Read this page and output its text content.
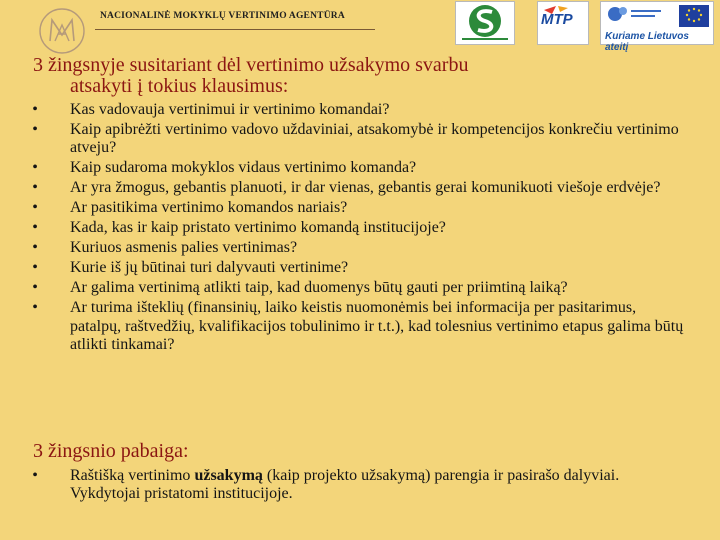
NACIONALINĖ MOKYKLŲ VERTINIMO AGENTŪRA	MTP
Kuriame Lietuvos ateitį
3 žingsnyje susitariant dėl vertinimo užsakymo svarbu
atsakyti į tokius klausimus:
• Kas vadovauja vertinimui ir vertinimo komandai?
• Kaip apibrėžti vertinimo vadovo uždaviniai, atsakomybė ir kompetencijos konkrečiu vertinimo atveju?
• Kaip sudaroma mokyklos vidaus vertinimo komanda?
• Ar yra žmogus, gebantis planuoti, ir dar vienas, gebantis gerai komunikuoti viešoje erdvėje?
• Ar pasitikima vertinimo komandos nariais?
• Kada, kas ir kaip pristato vertinimo komandą institucijoje?
• Kuriuos asmenis palies vertinimas?
• Kurie iš jų būtinai turi dalyvauti vertinime?
• Ar galima vertinimą atlikti taip, kad duomenys būtų gauti per priimtiną laiką?
• Ar turima išteklių (finansinių, laiko keistis nuomonėmis bei informacija per pasitarimus, patalpų, raštvedžių, kvalifikacijos tobulinimo ir t.t.), kad tolesnius vertinimo etapus galima būtų atlikti tinkamai?
3 žingsnio pabaiga:
• Raštišką vertinimo užsakymą (kaip projekto užsakymą) parengia ir pasirašo dalyviai. Vykdytojai pristatomi institucijoje.
